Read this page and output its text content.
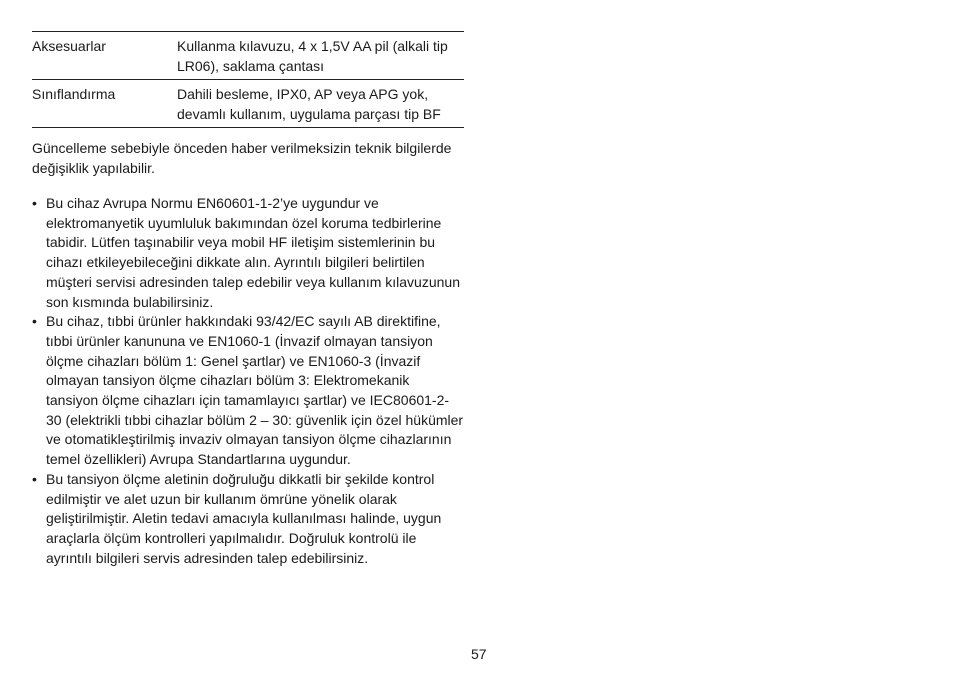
Aksesuarlar	Kullanma kılavuzu, 4 x 1,5V AA pil (alkali tip LR06), saklama çantası
Sınıflandırma	Dahili besleme, IPX0, AP veya APG yok, devamlı kullanım, uygulama parçası tip BF

Güncelleme sebebiyle önceden haber verilmeksizin teknik bilgilerde değişiklik yapılabilir.

• Bu cihaz Avrupa Normu EN60601-1-2’ye uygundur ve elektromanyetik uyumluluk bakımından özel koruma tedbirlerine tabidir. Lütfen taşınabilir veya mobil HF iletişim sistemlerinin bu cihazı etkileyebileceğini dikkate alın. Ayrıntılı bilgileri belirtilen müşteri servisi adresinden talep edebilir veya kullanım kılavuzunun son kısmında bulabilirsiniz.
• Bu cihaz, tıbbi ürünler hakkındaki 93/42/EC sayılı AB direktifine, tıbbi ürünler kanununa ve EN1060-1 (İnvazif olmayan tansiyon ölçme cihazları bölüm 1: Genel şartlar) ve EN1060-3 (İnvazif olmayan tansiyon ölçme cihazları bölüm 3: Elektromekanik tansiyon ölçme cihazları için tamamlayıcı şartlar) ve IEC80601-2-30 (elektrikli tıbbi cihazlar bölüm 2 – 30: güvenlik için özel hükümler ve otomatikleştirilmiş invaziv olmayan tansiyon ölçme cihazlarının temel özellikleri) Avrupa Standartlarına uygundur.
• Bu tansiyon ölçme aletinin doğruluğu dikkatli bir şekilde kontrol edilmiştir ve alet uzun bir kullanım ömrüne yönelik olarak geliştirilmiştir. Aletin tedavi amacıyla kullanılması halinde, uygun araçlarla ölçüm kontrolleri yapılmalıdır. Doğruluk kontrolü ile ayrıntılı bilgileri servis adresinden talep edebilirsiniz.
57
